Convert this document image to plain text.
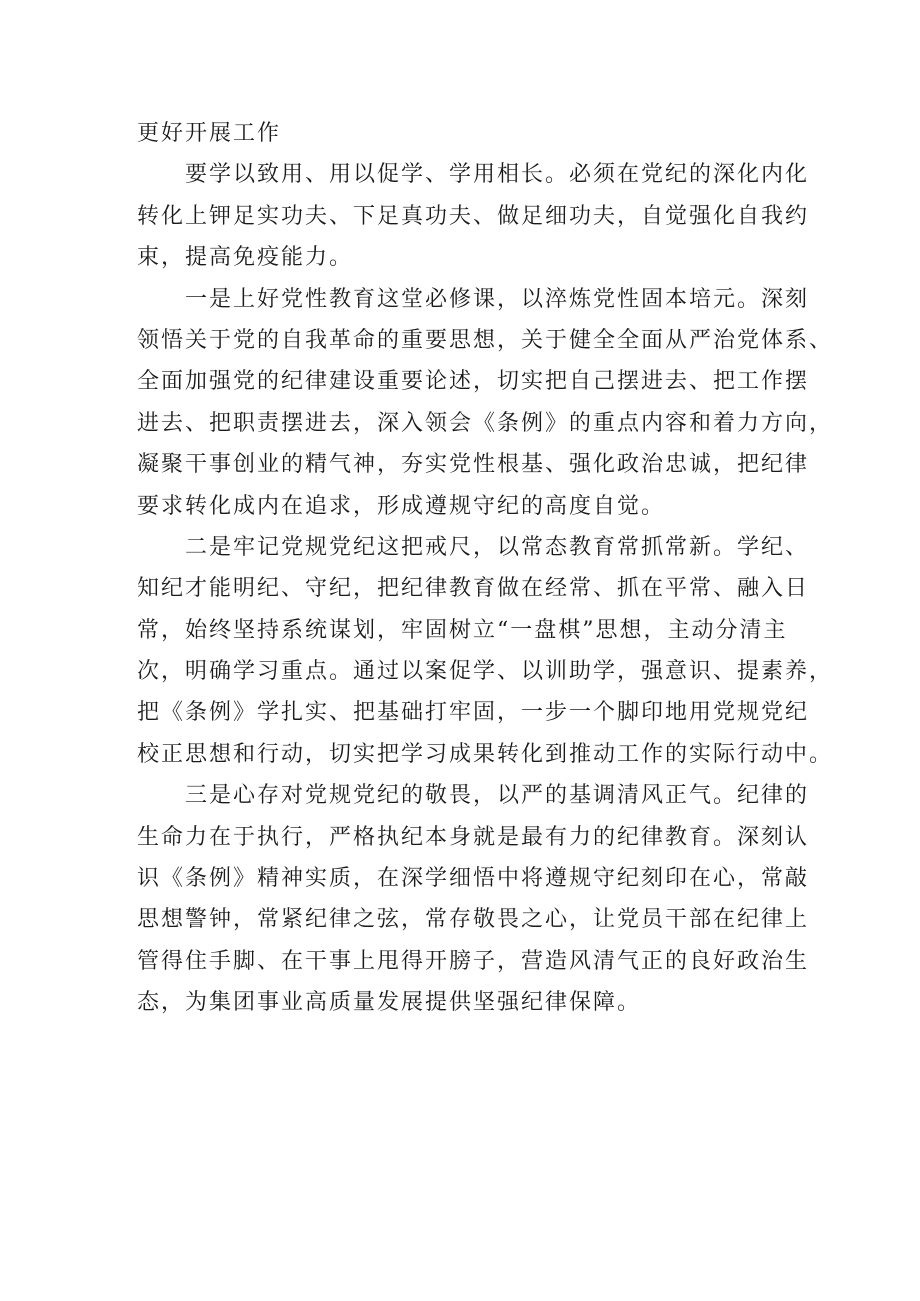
更好开展工作
要学以致用、用以促学、学用相长。必须在党纪的深化内化
转化上钾足实功夫、下足真功夫、做足细功夫，自觉强化自我约
束，提高免疫能力。
一是上好党性教育这堂必修课，以淬炼党性固本培元。深刻
领悟关于党的自我革命的重要思想，关于健全全面从严治党体系、
全面加强党的纪律建设重要论述，切实把自己摆进去、把工作摆
进去、把职责摆进去，深入领会《条例》的重点内容和着力方向，
凝聚干事创业的精气神，夯实党性根基、强化政治忠诚，把纪律
要求转化成内在追求，形成遵规守纪的高度自觉。
二是牢记党规党纪这把戒尺，以常态教育常抓常新。学纪、
知纪才能明纪、守纪，把纪律教育做在经常、抓在平常、融入日
常，始终坚持系统谋划，牢固树立“一盘棋”思想，主动分清主
次，明确学习重点。通过以案促学、以训助学，强意识、提素养，
把《条例》学扎实、把基础打牢固，一步一个脚印地用党规党纪
校正思想和行动，切实把学习成果转化到推动工作的实际行动中。
三是心存对党规党纪的敬畏，以严的基调清风正气。纪律的
生命力在于执行，严格执纪本身就是最有力的纪律教育。深刻认
识《条例》精神实质，在深学细悟中将遵规守纪刻印在心，常敲
思想警钟，常紧纪律之弦，常存敬畏之心，让党员干部在纪律上
管得住手脚、在干事上甩得开膀子，营造风清气正的良好政治生
态，为集团事业高质量发展提供坚强纪律保障。
